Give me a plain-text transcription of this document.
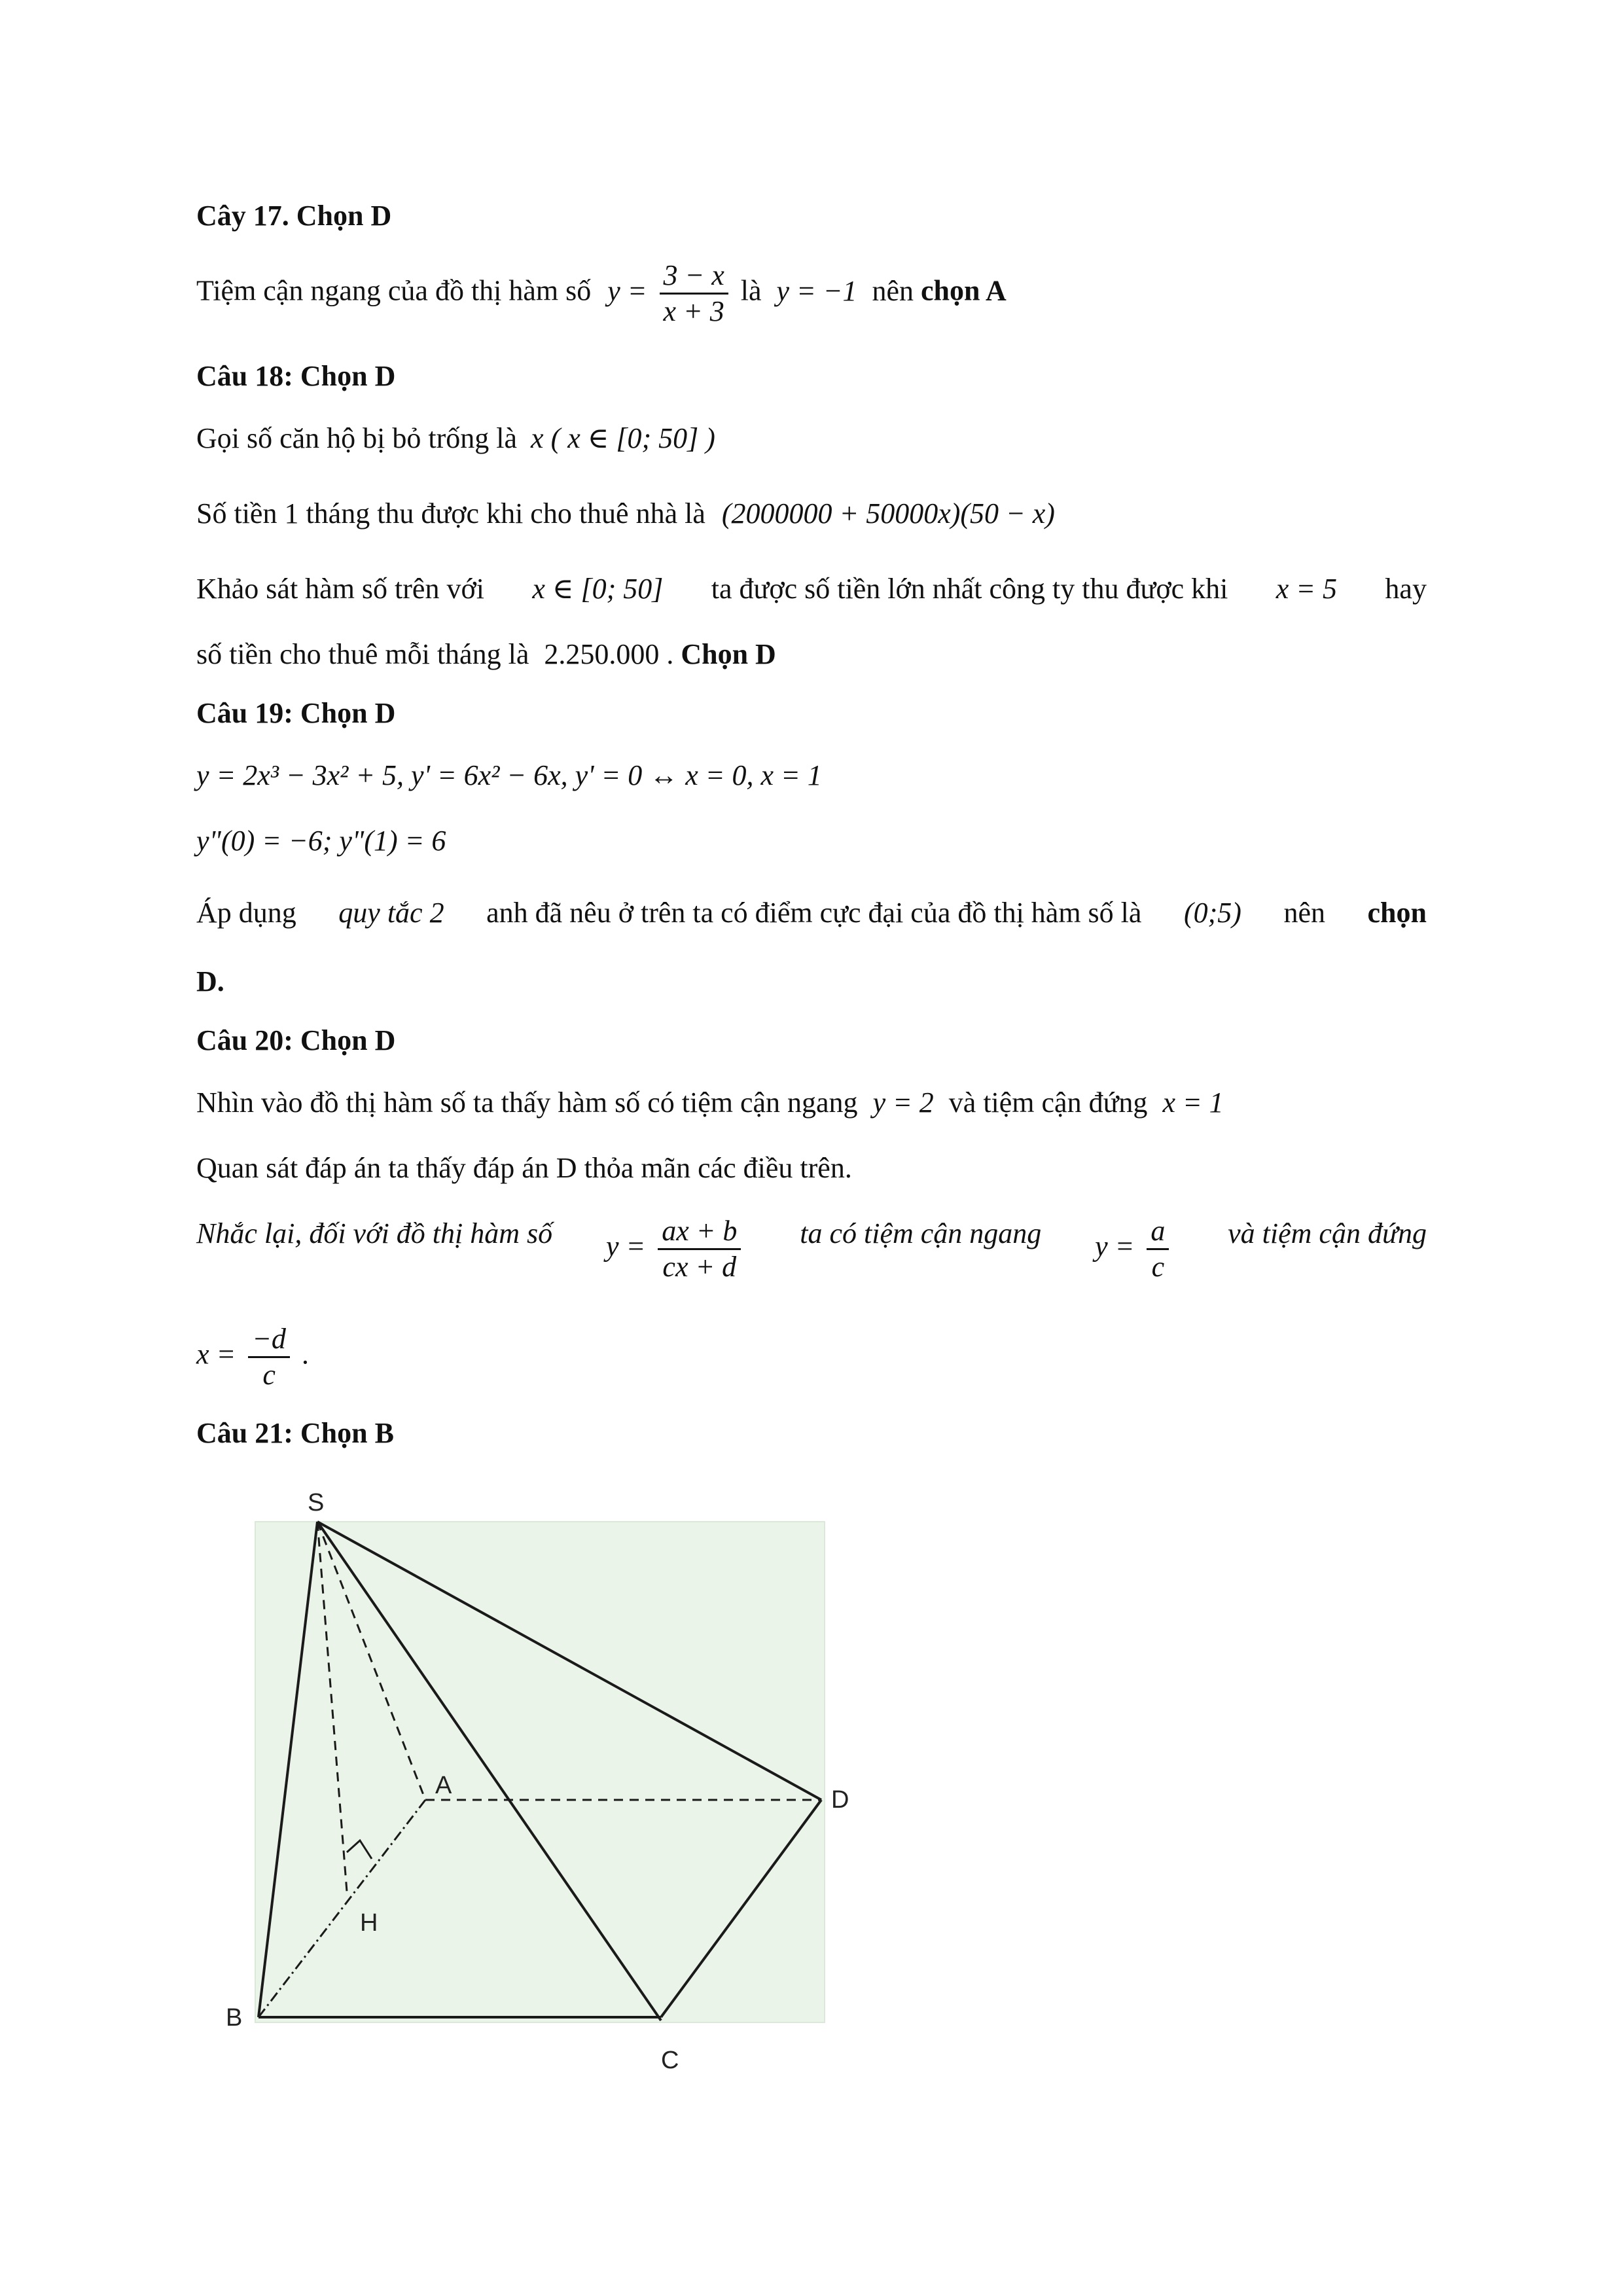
Cây 17. Chọn D
Tiệm cận ngang của đồ thị hàm số $y = \frac{3 - x}{x + 3}$ là y = −1 nên chọn A
Câu 18: Chọn D
Gọi số căn hộ bị bỏ trống là x ( x ∈ [0; 50] )
Số tiền 1 tháng thu được khi cho thuê nhà là (2000000 + 50000x)(50 − x)
Khảo sát hàm số trên với x ∈ [0; 50] ta được số tiền lớn nhất công ty thu được khi x = 5 hay
số tiền cho thuê mỗi tháng là 2.250.000 . Chọn D
Câu 19: Chọn D
y = 2x³ − 3x² + 5, y' = 6x² − 6x, y' = 0 ↔ x = 0, x = 1
y"(0) = −6; y"(1) = 6
Áp dụng quy tắc 2 anh đã nêu ở trên ta có điểm cực đại của đồ thị hàm số là (0;5) nên chọn
D.
Câu 20: Chọn D
Nhìn vào đồ thị hàm số ta thấy hàm số có tiệm cận ngang y = 2 và tiệm cận đứng x = 1
Quan sát đáp án ta thấy đáp án D thỏa mãn các điều trên.
Nhắc lại, đối với đồ thị hàm số $y = \frac{ax + b}{cx + d}$ ta có tiệm cận ngang $y = \frac{a}{c}$ và tiệm cận đứng
$x = \frac{-d}{c}$ .
Câu 21: Chọn B
S
A
D
H
B
C
